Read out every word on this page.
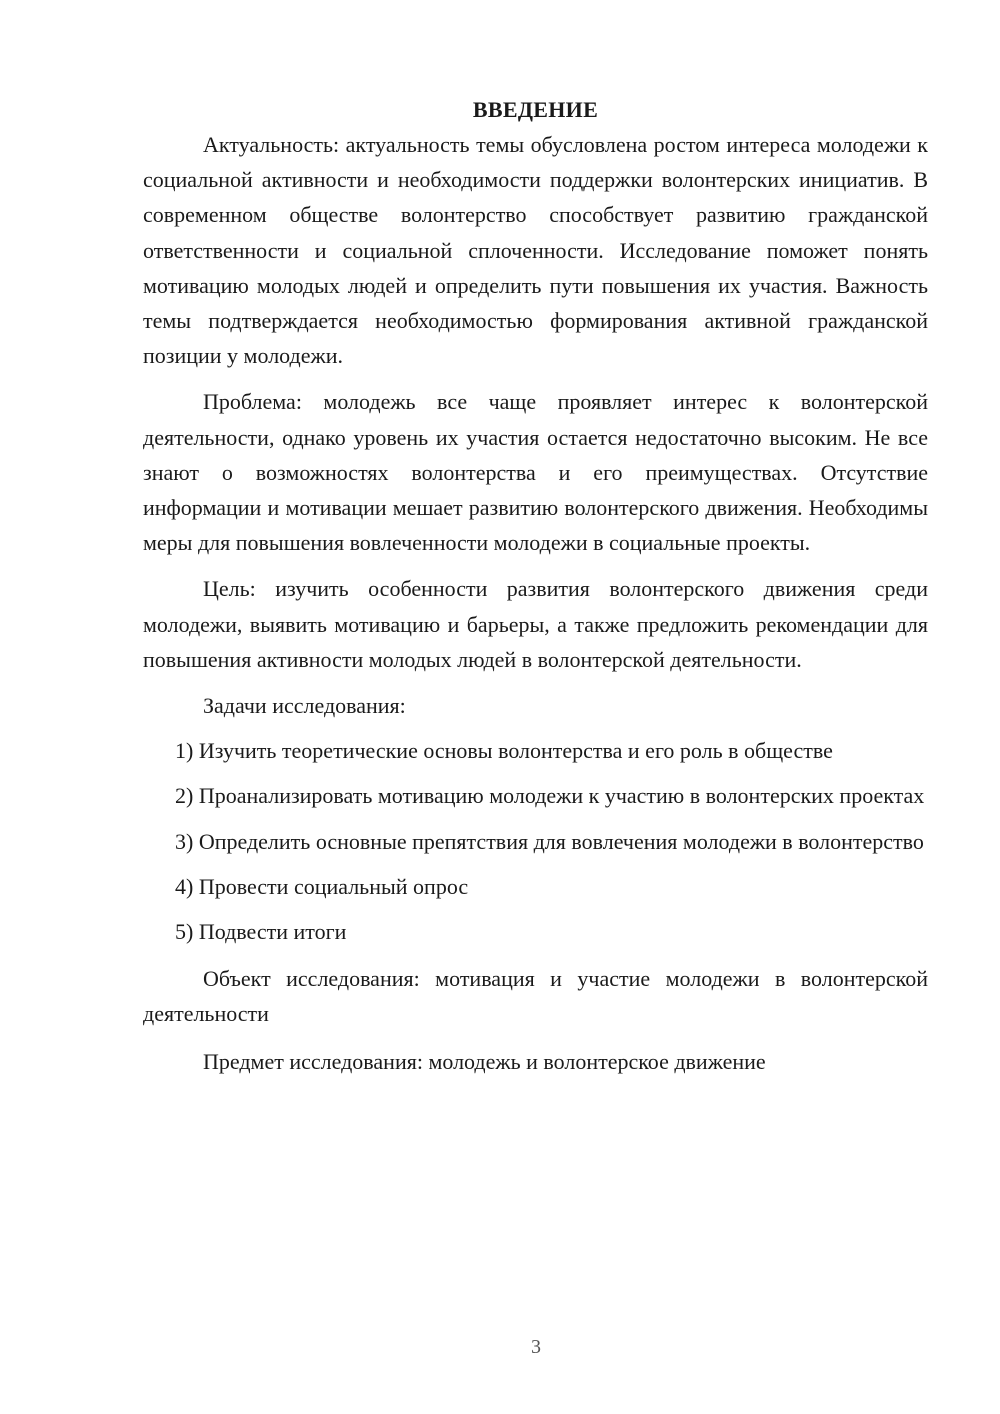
ВВЕДЕНИЕ

Актуальность: актуальность темы обусловлена ростом интереса молодежи к социальной активности и необходимости поддержки волонтерских инициатив. В современном обществе волонтерство способствует развитию гражданской ответственности и социальной сплоченности. Исследование поможет понять мотивацию молодых людей и определить пути повышения их участия. Важность темы подтверждается необходимостью формирования активной гражданской позиции у молодежи.

Проблема: молодежь все чаще проявляет интерес к волонтерской деятельности, однако уровень их участия остается недостаточно высоким. Не все знают о возможностях волонтерства и его преимуществах. Отсутствие информации и мотивации мешает развитию волонтерского движения. Необходимы меры для повышения вовлеченности молодежи в социальные проекты.

Цель: изучить особенности развития волонтерского движения среди молодежи, выявить мотивацию и барьеры, а также предложить рекомендации для повышения активности молодых людей в волонтерской деятельности.

Задачи исследования:

1) Изучить теоретические основы волонтерства и его роль в обществе

2) Проанализировать мотивацию молодежи к участию в волонтерских проектах

3) Определить основные препятствия для вовлечения молодежи в волонтерство

4) Провести социальный опрос

5) Подвести итоги

Объект исследования: мотивация и участие молодежи в волонтерской деятельности

Предмет исследования: молодежь и волонтерское движение

3
